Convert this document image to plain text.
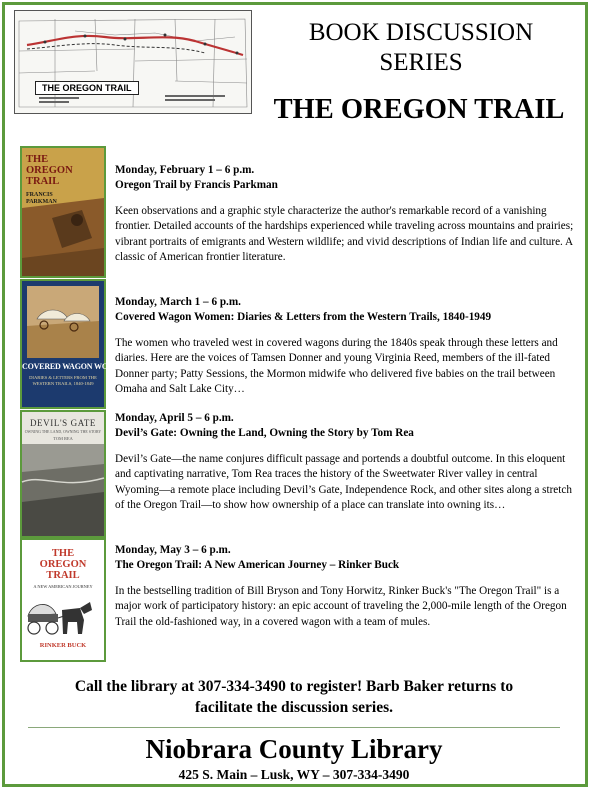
THE OREGON TRAIL
BOOK DISCUSSION
SERIES
THE OREGON TRAIL
THE
OREGON
TRAIL
FRANCIS
PARKMAN
Monday, February 1 – 6 p.m.
Oregon Trail by Francis Parkman
Keen observations and a graphic style characterize the author's remarkable record of a vanishing frontier. Detailed accounts of the hardships experienced while traveling across mountains and prairies; vibrant portraits of emigrants and Western wildlife; and vivid descriptions of Indian life and culture. A classic of American frontier literature.
COVERED WAGON WOMEN
DIARIES & LETTERS FROM THE
WESTERN TRAILS, 1840-1849
Monday, March 1 – 6 p.m.
Covered Wagon Women: Diaries & Letters from the Western Trails, 1840-1949
The women who traveled west in covered wagons during the 1840s speak through these letters and diaries. Here are the voices of Tamsen Donner and young Virginia Reed, members of the ill-fated Donner party; Patty Sessions, the Mormon midwife who delivered five babies on the trail between Omaha and Salt Lake City…
DEVIL'S GATE
OWNING THE LAND, OWNING THE STORY
TOM REA
Monday, April 5 – 6 p.m.
Devil’s Gate: Owning the Land, Owning the Story by Tom Rea
Devil’s Gate—the name conjures difficult passage and portends a doubtful outcome. In this eloquent and captivating narrative, Tom Rea traces the history of the Sweetwater River valley in central Wyoming—a remote place including Devil’s Gate, Independence Rock, and other sites along a stretch of the Oregon Trail—to show how ownership of a place can translate into owning its…
THE
OREGON
TRAIL
A NEW AMERICAN JOURNEY
RINKER BUCK
Monday, May 3 – 6 p.m.
The Oregon Trail: A New American Journey – Rinker Buck
In the bestselling tradition of Bill Bryson and Tony Horwitz, Rinker Buck's "The Oregon Trail" is a major work of participatory history: an epic account of traveling the 2,000-mile length of the Oregon Trail the old-fashioned way, in a covered wagon with a team of mules.
Call the library at 307-334-3490 to register! Barb Baker returns to
facilitate the discussion series.
Niobrara County Library
425 S. Main – Lusk, WY – 307-334-3490
